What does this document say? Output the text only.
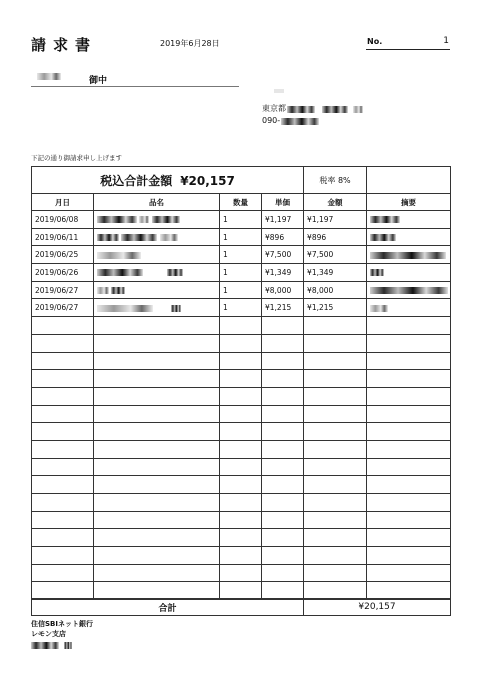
請求書	2019年6月28日	No.	1
御中
東京都
090-
下記の通り御請求申し上げます
税込合計金額 ¥20,157				税率 8%	
月日	品名	数量	単価	金額	摘要
2019/06/08		1	¥1,197	¥1,197	
2019/06/11		1	¥896	¥896	
2019/06/25		1	¥7,500	¥7,500	
2019/06/26		1	¥1,349	¥1,349	
2019/06/27		1	¥8,000	¥8,000	
2019/06/27		1	¥1,215	¥1,215	

合計	¥20,157
住信SBIネット銀行
レモン支店
